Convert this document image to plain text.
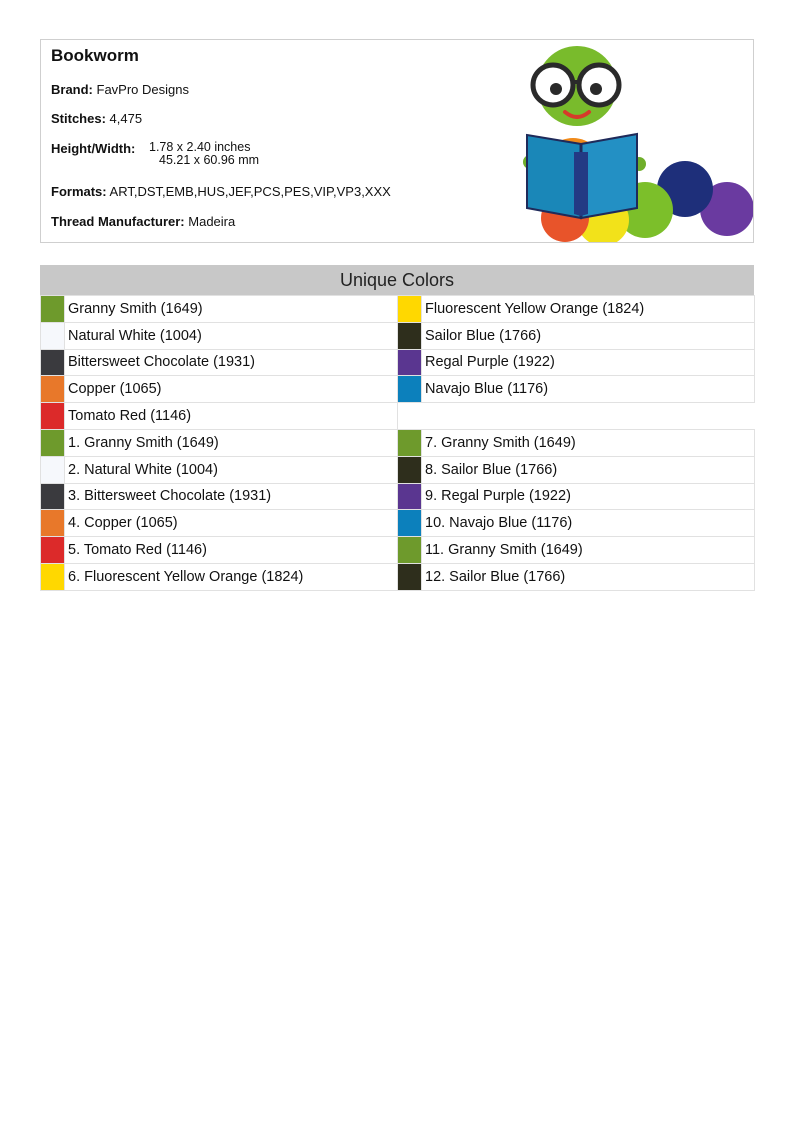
Bookworm
Brand: FavPro Designs
Stitches: 4,475
Height/Width: 1.78 x 2.40 inches
45.21 x 60.96 mm
Formats: ART,DST,EMB,HUS,JEF,PCS,PES,VIP,VP3,XXX
Thread Manufacturer: Madeira
Unique Colors
	Granny Smith (1649)		Fluorescent Yellow Orange (1824)
	Natural White (1004)		Sailor Blue (1766)
	Bittersweet Chocolate (1931)		Regal Purple (1922)
	Copper (1065)		Navajo Blue (1176)
	Tomato Red (1146)		
	1. Granny Smith (1649)		7. Granny Smith (1649)
	2. Natural White (1004)		8. Sailor Blue (1766)
	3. Bittersweet Chocolate (1931)		9. Regal Purple (1922)
	4. Copper (1065)		10. Navajo Blue (1176)
	5. Tomato Red (1146)		11. Granny Smith (1649)
	6. Fluorescent Yellow Orange (1824)		12. Sailor Blue (1766)
